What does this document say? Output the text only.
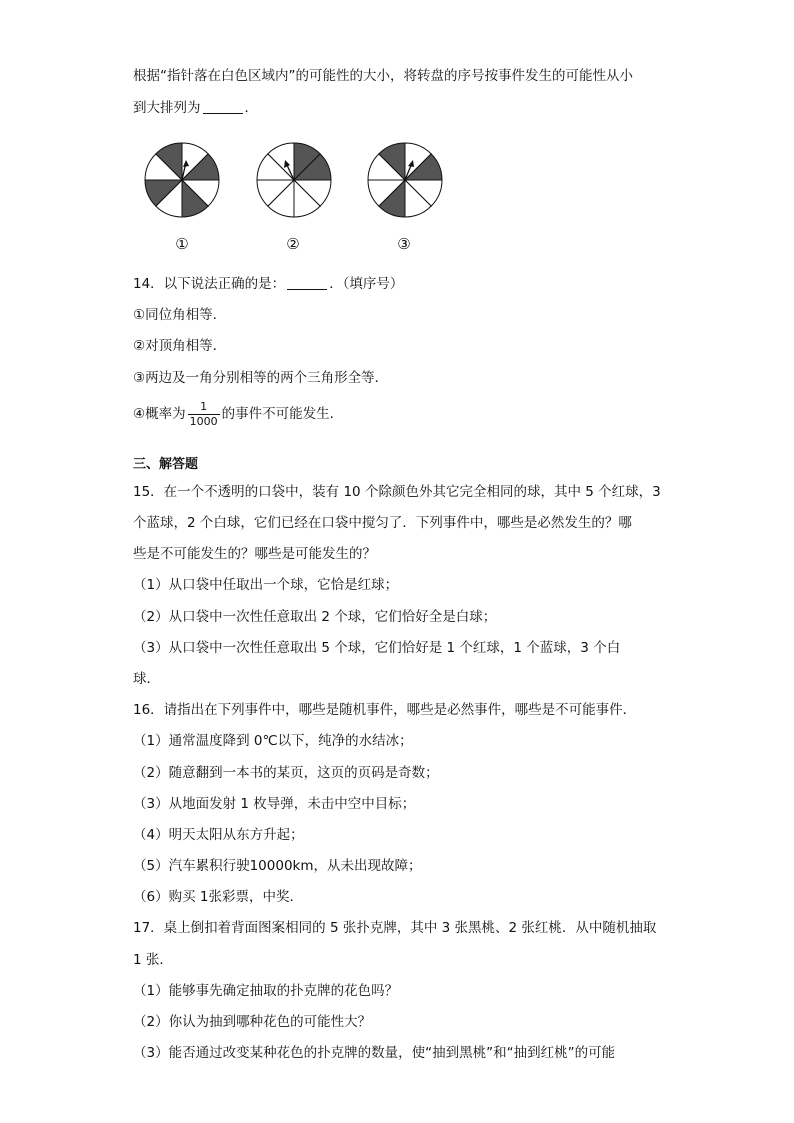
根据“指针落在白色区域内”的可能性的大小，将转盘的序号按事件发生的可能性从小
到大排列为	．
①	②	③
14．以下说法正确的是：	．（填序号）
①同位角相等．
②对顶角相等．
③两边及一角分别相等的两个三角形全等．
④概率为 $\frac{1}{1000}$ 的事件不可能发生．
三、解答题
15．在一个不透明的口袋中，装有 10 个除颜色外其它完全相同的球，其中 5 个红球，3
个蓝球，2 个白球，它们已经在口袋中搅匀了．下列事件中，哪些是必然发生的？哪
些是不可能发生的？哪些是可能发生的？
（1）从口袋中任取出一个球，它恰是红球；
（2）从口袋中一次性任意取出 2 个球，它们恰好全是白球；
（3）从口袋中一次性任意取出 5 个球，它们恰好是 1 个红球，1 个蓝球，3 个白
球．
16．请指出在下列事件中，哪些是随机事件，哪些是必然事件，哪些是不可能事件．
（1）通常温度降到 0℃以下，纯净的水结冰；
（2）随意翻到一本书的某页，这页的页码是奇数；
（3）从地面发射 1 枚导弹，未击中空中目标；
（4）明天太阳从东方升起；
（5）汽车累积行驶10000km，从未出现故障；
（6）购买 1张彩票，中奖．
17．桌上倒扣着背面图案相同的 5 张扑克牌，其中 3 张黑桃、2 张红桃．从中随机抽取
1 张．
（1）能够事先确定抽取的扑克牌的花色吗？
（2）你认为抽到哪种花色的可能性大？
（3）能否通过改变某种花色的扑克牌的数量，使“抽到黑桃”和“抽到红桃”的可能
